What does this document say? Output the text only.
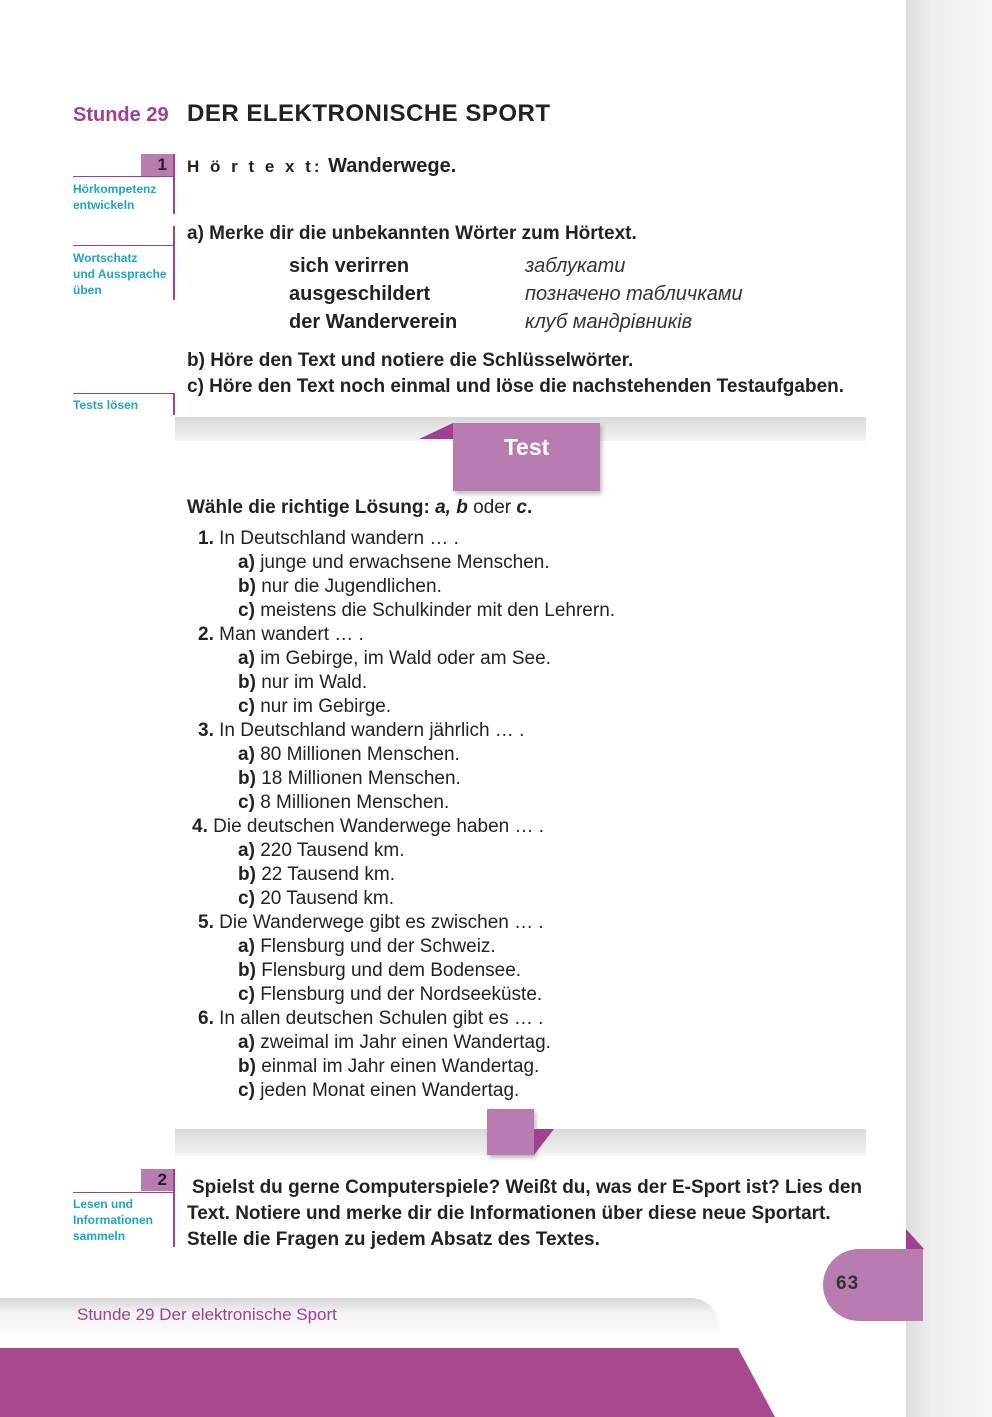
Stunde 29 DER ELEKTRONISCHE SPORT
1
Hörkompetenz
entwickeln
Wortschatz
und Aussprache
üben
Tests lösen
H ö r t e x t: Wanderwege.
a) Merke dir die unbekannten Wörter zum Hörtext.
sich verirren	заблукати
ausgeschildert	позначено табличками
der Wanderverein	клуб мандрівників
b) Höre den Text und notiere die Schlüsselwörter.
c) Höre den Text noch einmal und löse die nachstehenden Testaufgaben.
Test
Wähle die richtige Lösung: a, b oder c.
1. In Deutschland wandern … .
a) junge und erwachsene Menschen.
b) nur die Jugendlichen.
c) meistens die Schulkinder mit den Lehrern.
2. Man wandert … .
a) im Gebirge, im Wald oder am See.
b) nur im Wald.
c) nur im Gebirge.
3. In Deutschland wandern jährlich … .
a) 80 Millionen Menschen.
b) 18 Millionen Menschen.
c) 8 Millionen Menschen.
4. Die deutschen Wanderwege haben … .
a) 220 Tausend km.
b) 22 Tausend km.
c) 20 Tausend km.
5. Die Wanderwege gibt es zwischen … .
a) Flensburg und der Schweiz.
b) Flensburg und dem Bodensee.
c) Flensburg und der Nordseeküste.
6. In allen deutschen Schulen gibt es … .
a) zweimal im Jahr einen Wandertag.
b) einmal im Jahr einen Wandertag.
c) jeden Monat einen Wandertag.
2
Lesen und
Informationen
sammeln
Spielst du gerne Computerspiele? Weißt du, was der E-Sport ist? Lies den
Text. Notiere und merke dir die Informationen über diese neue Sportart.
Stelle die Fragen zu jedem Absatz des Textes.
63
Stunde 29 Der elektronische Sport
